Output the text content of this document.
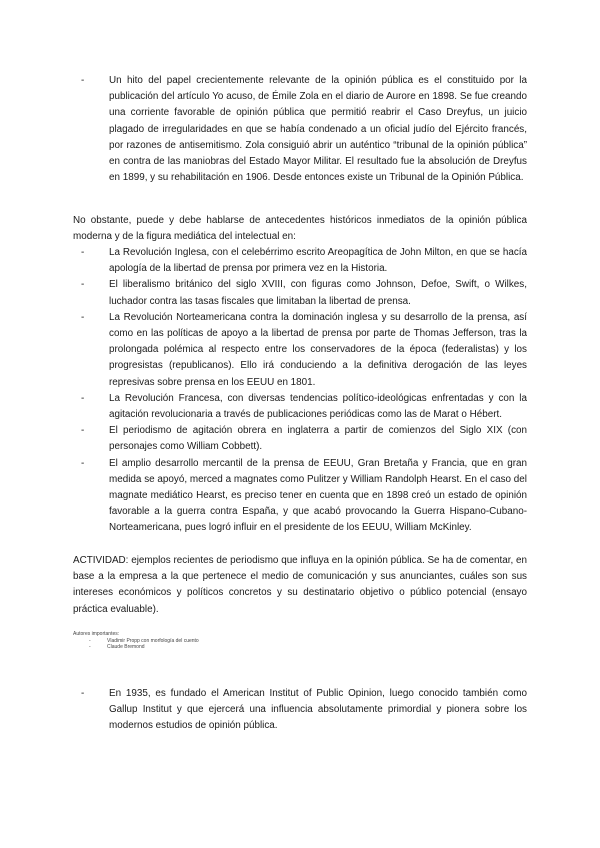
- Un hito del papel crecientemente relevante de la opinión pública es el constituido por la publicación del artículo Yo acuso, de Émile Zola en el diario de Aurore en 1898. Se fue creando una corriente favorable de opinión pública que permitió reabrir el Caso Dreyfus, un juicio plagado de irregularidades en que se había condenado a un oficial judío del Ejército francés, por razones de antisemitismo. Zola consiguió abrir un auténtico “tribunal de la opinión pública” en contra de las maniobras del Estado Mayor Militar. El resultado fue la absolución de Dreyfus en 1899, y su rehabilitación en 1906. Desde entonces existe un Tribunal de la Opinión Pública.

No obstante, puede y debe hablarse de antecedentes históricos inmediatos de la opinión pública moderna y de la figura mediática del intelectual en:

- La Revolución Inglesa, con el celebérrimo escrito Areopagítica de John Milton, en que se hacía apología de la libertad de prensa por primera vez en la Historia.
- El liberalismo británico del siglo XVIII, con figuras como Johnson, Defoe, Swift, o Wilkes, luchador contra las tasas fiscales que limitaban la libertad de prensa.
- La Revolución Norteamericana contra la dominación inglesa y su desarrollo de la prensa, así como en las políticas de apoyo a la libertad de prensa por parte de Thomas Jefferson, tras la prolongada polémica al respecto entre los conservadores de la época (federalistas) y los progresistas (republicanos). Ello irá conduciendo a la definitiva derogación de las leyes represivas sobre prensa en los EEUU en 1801.
- La Revolución Francesa, con diversas tendencias político-ideológicas enfrentadas y con la agitación revolucionaria a través de publicaciones periódicas como las de Marat o Hébert.
- El periodismo de agitación obrera en inglaterra a partir de comienzos del Siglo XIX (con personajes como William Cobbett).
- El amplio desarrollo mercantil de la prensa de EEUU, Gran Bretaña y Francia, que en gran medida se apoyó, merced a magnates como Pulitzer y William Randolph Hearst. En el caso del magnate mediático Hearst, es preciso tener en cuenta que en 1898 creó un estado de opinión favorable a la guerra contra España, y que acabó provocando la Guerra Hispano-Cubano-Norteamericana, pues logró influir en el presidente de los EEUU, William McKinley.

ACTIVIDAD: ejemplos recientes de periodismo que influya en la opinión pública. Se ha de comentar, en base a la empresa a la que pertenece el medio de comunicación y sus anunciantes, cuáles son sus intereses económicos y políticos concretos y su destinatario objetivo o público potencial (ensayo práctica evaluable).

Autores importantes:
- Vladimir Propp con morfología del cuento
- Claude Bremond
- En 1935, es fundado el American Institut of Public Opinion, luego conocido también como Gallup Institut y que ejercerá una influencia absolutamente primordial y pionera sobre los modernos estudios de opinión pública.
